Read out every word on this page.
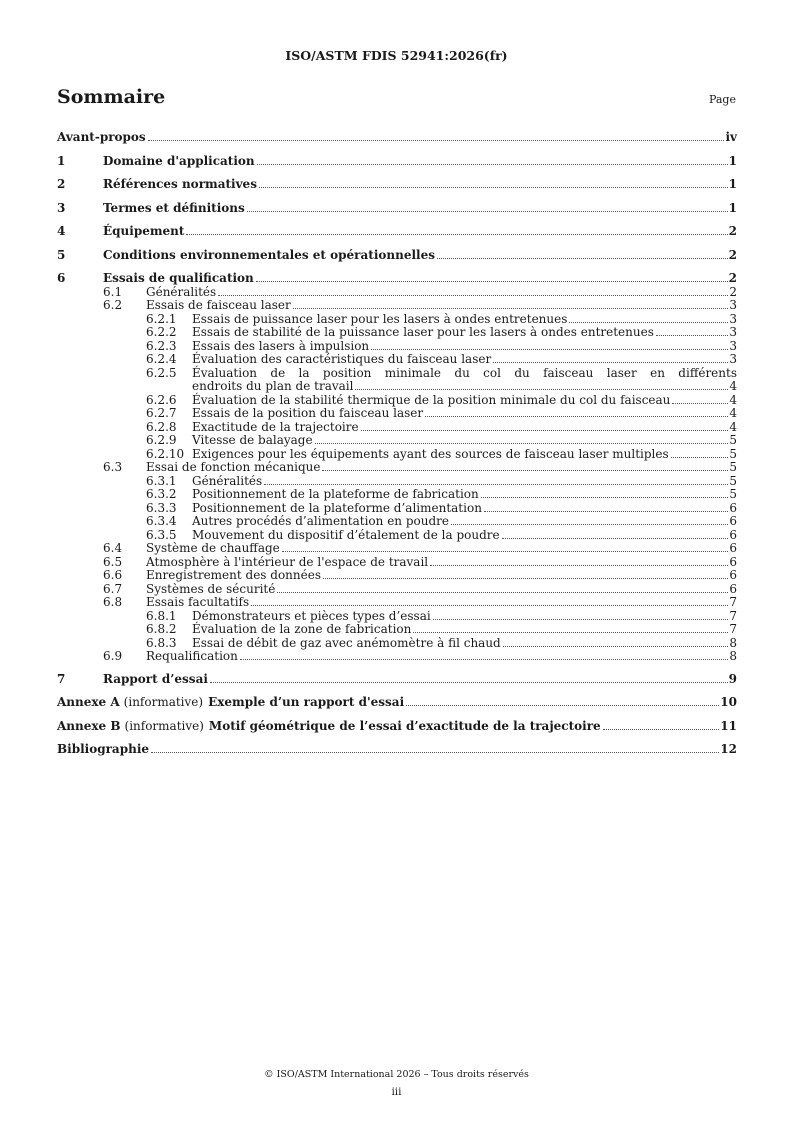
ISO/ASTM FDIS 52941:2026(fr)
Sommaire	Page
Avant-propos	iv
1	Domaine d'application	1
2	Références normatives	1
3	Termes et définitions	1
4	Équipement	2
5	Conditions environnementales et opérationnelles	2
6	Essais de qualification	2
6.1	Généralités	2
6.2	Essais de faisceau laser	3
6.2.1	Essais de puissance laser pour les lasers à ondes entretenues	3
6.2.2	Essais de stabilité de la puissance laser pour les lasers à ondes entretenues	3
6.2.3	Essais des lasers à impulsion	3
6.2.4	Évaluation des caractéristiques du faisceau laser	3
6.2.5	Évaluation de la position minimale du col du faisceau laser en différents
endroits du plan de travail	4
6.2.6	Évaluation de la stabilité thermique de la position minimale du col du faisceau	4
6.2.7	Essais de la position du faisceau laser	4
6.2.8	Exactitude de la trajectoire	4
6.2.9	Vitesse de balayage	5
6.2.10 Exigences pour les équipements ayant des sources de faisceau laser multiples	5
6.3	Essai de fonction mécanique	5
6.3.1	Généralités	5
6.3.2	Positionnement de la plateforme de fabrication	5
6.3.3	Positionnement de la plateforme d’alimentation	6
6.3.4	Autres procédés d’alimentation en poudre	6
6.3.5	Mouvement du dispositif d’étalement de la poudre	6
6.4	Système de chauffage	6
6.5	Atmosphère à l'intérieur de l'espace de travail	6
6.6	Enregistrement des données	6
6.7	Systèmes de sécurité	6
6.8	Essais facultatifs	7
6.8.1	Démonstrateurs et pièces types d’essai	7
6.8.2	Évaluation de la zone de fabrication	7
6.8.3	Essai de débit de gaz avec anémomètre à fil chaud	8
6.9	Requalification	8
7	Rapport d’essai	9
Annexe A (informative) Exemple d’un rapport d'essai	10
Annexe B (informative) Motif géométrique de l’essai d’exactitude de la trajectoire	11
Bibliographie	12
© ISO/ASTM International 2026 – Tous droits réservés
iii
